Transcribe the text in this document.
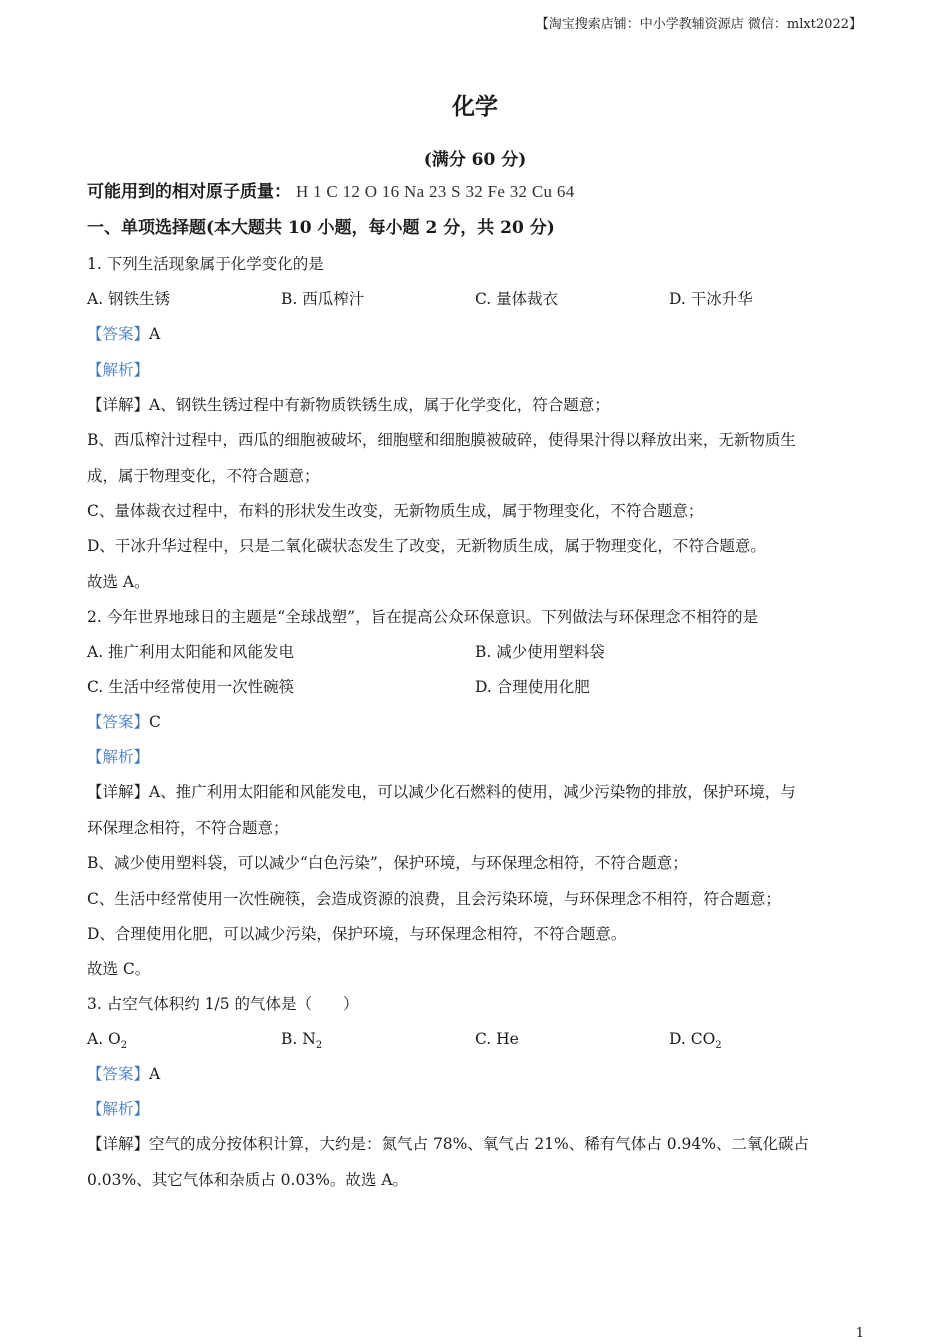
【淘宝搜索店铺：中小学教辅资源店 微信：mlxt2022】
化学
(满分 60 分)
可能用到的相对原子质量： H 1 C 12 O 16 Na 23 S 32 Fe 32 Cu 64
一、单项选择题(本大题共 10 小题，每小题 2 分，共 20 分)
1. 下列生活现象属于化学变化的是
A. 钢铁生锈	B. 西瓜榨汁	C. 量体裁衣	D. 干冰升华
【答案】A
【解析】
【详解】A、钢铁生锈过程中有新物质铁锈生成，属于化学变化，符合题意；
B、西瓜榨汁过程中，西瓜的细胞被破坏，细胞壁和细胞膜被破碎，使得果汁得以释放出来，无新物质生
成，属于物理变化，不符合题意；
C、量体裁衣过程中，布料的形状发生改变，无新物质生成，属于物理变化，不符合题意；
D、干冰升华过程中，只是二氧化碳状态发生了改变，无新物质生成，属于物理变化，不符合题意。
故选 A。
2. 今年世界地球日的主题是“全球战塑”，旨在提高公众环保意识。下列做法与环保理念不相符的是
A. 推广利用太阳能和风能发电	B. 减少使用塑料袋
C. 生活中经常使用一次性碗筷	D. 合理使用化肥
【答案】C
【解析】
【详解】A、推广利用太阳能和风能发电，可以减少化石燃料的使用，减少污染物的排放，保护环境，与
环保理念相符，不符合题意；
B、减少使用塑料袋，可以减少“白色污染”，保护环境，与环保理念相符，不符合题意；
C、生活中经常使用一次性碗筷，会造成资源的浪费，且会污染环境，与环保理念不相符，符合题意；
D、合理使用化肥，可以减少污染，保护环境，与环保理念相符，不符合题意。
故选 C。
3. 占空气体积约 1/5 的气体是（　　）
A. $O_2$	B. $N_2$	C. He	D. $CO_2$
【答案】A
【解析】
【详解】空气的成分按体积计算，大约是：氮气占 78%、氧气占 21%、稀有气体占 0.94%、二氧化碳占
0.03%、其它气体和杂质占 0.03%。故选 A。
1
